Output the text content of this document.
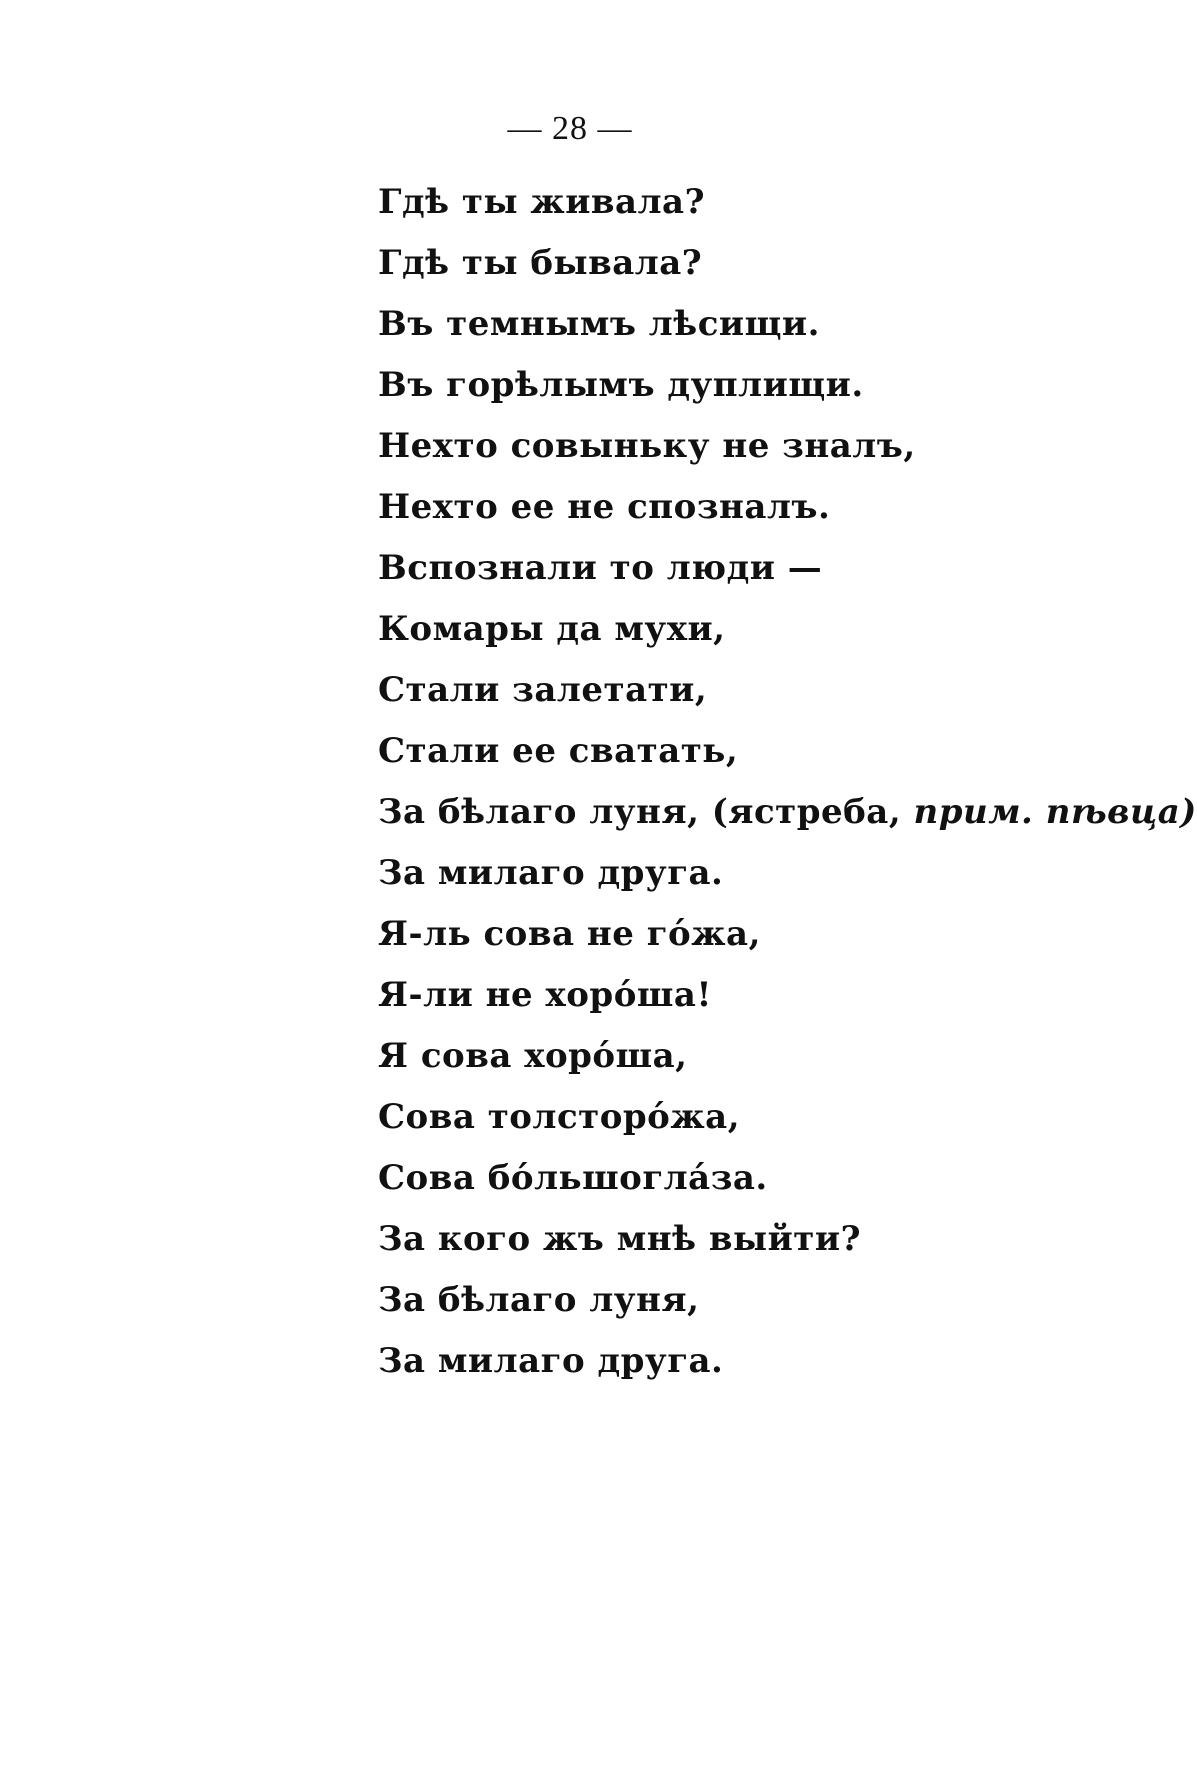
— 28 —
Гдѣ ты живала?
Гдѣ ты бывала?
Въ темнымъ лѣсищи.
Въ горѣлымъ дуплищи.
Нехто совыньку не зналъ,
Нехто ее не спозналъ.
Вспознали то люди —
Комары да мухи,
Стали залетати,
Стали ее сватать,
За бѣлаго луня, (ястреба, прим. пѣвца)
За милаго друга.
Я-ль сова не гόжа,
Я-ли не хорόша!
Я сова хорόша,
Сова толсторόжа,
Сова бόльшоглáза.
За кого жъ мнѣ выйти?
За бѣлаго луня,
За милаго друга.
